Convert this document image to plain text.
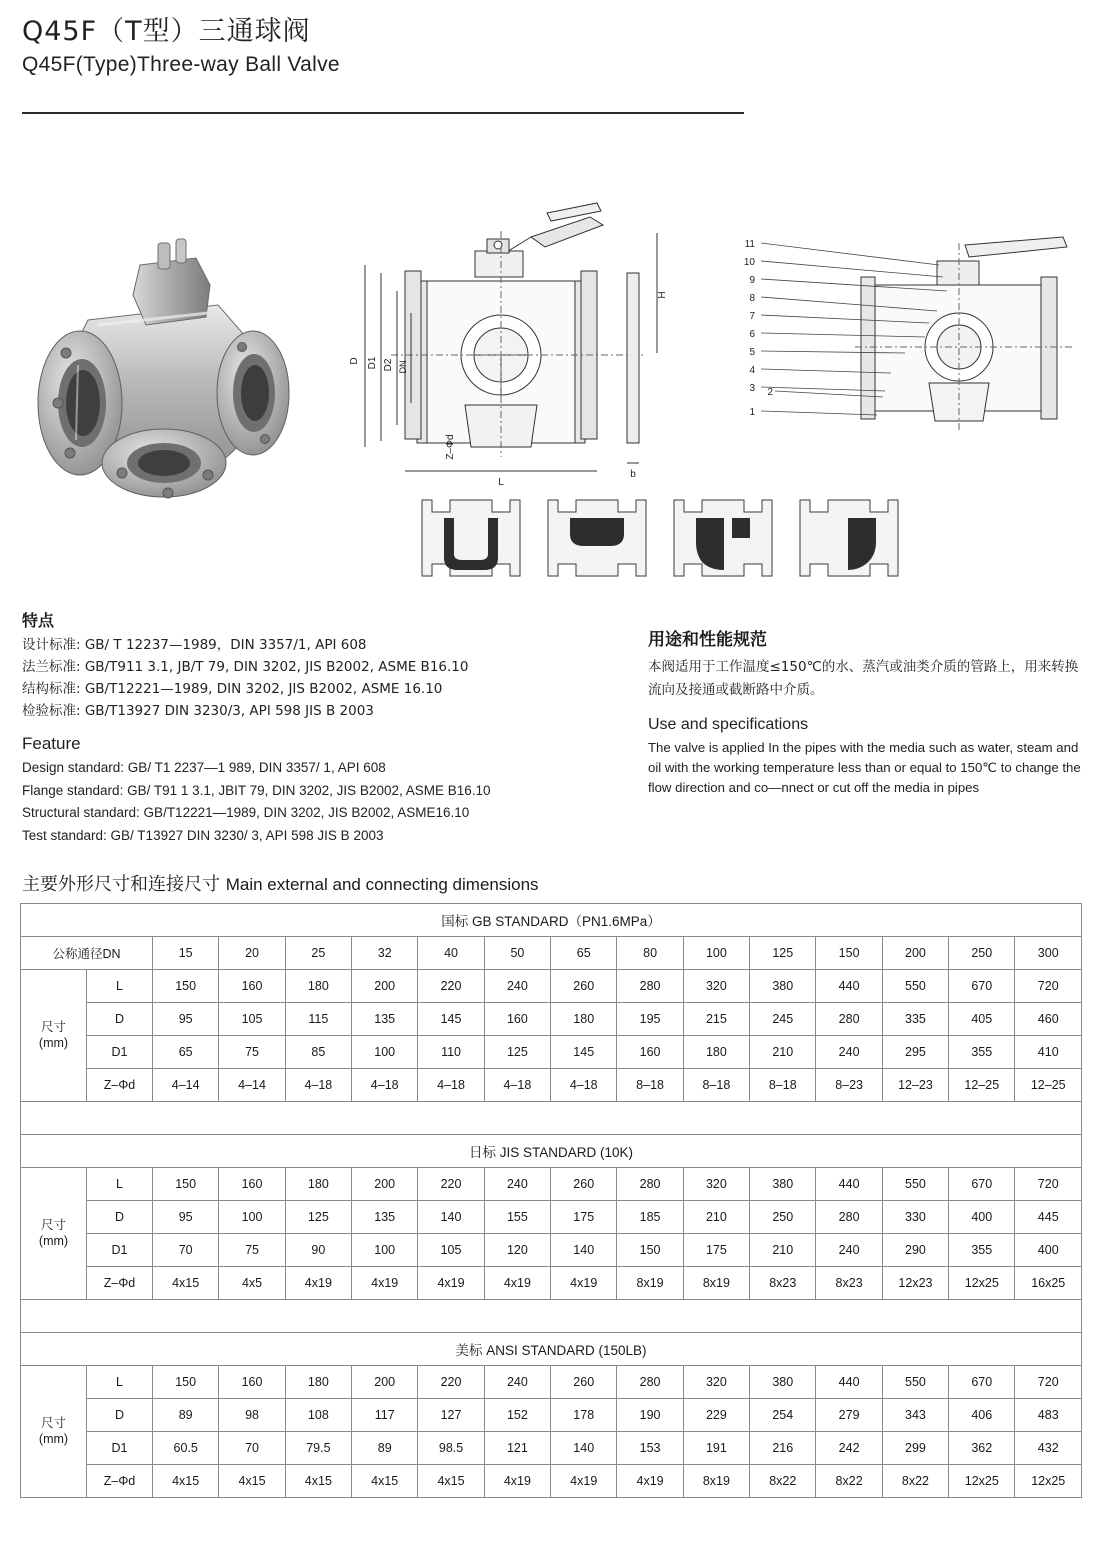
Q45F（T型）三通球阀
Q45F(Type)Three-way Ball Valve
D D1 D2 DN
H
L
b
Z–Φd
11
10
9
8
7
6
5
4
3 2
1
特点
设计标准: GB/ T 12237—1989，DIN 3357/1, API 608
法兰标准: GB/T911 3.1, JB/T 79, DIN 3202, JIS B2002, ASME B16.10
结构标准: GB/T12221—1989, DIN 3202, JIS B2002, ASME 16.10
检验标准: GB/T13927 DIN 3230/3, API 598 JIS B 2003
Feature
Design standard: GB/ T1 2237—1 989, DIN 3357/ 1, API 608
Flange standard: GB/ T91 1 3.1, JBIT 79, DIN 3202, JIS B2002, ASME B16.10
Structural standard: GB/T12221—1989, DIN 3202, JIS B2002, ASME16.10
Test standard: GB/ T13927 DIN 3230/ 3, API 598 JIS B 2003
用途和性能规范
本阀适用于工作温度≤150℃的水、蒸汽或油类介质的管路上，用来转换流向及接通或截断路中介质。
Use and specifications
The valve is applied In the pipes with the media such as water, steam and oil with the working temperature less than or equal to 150℃ to change the flow direction and co—nnect or cut off the media in pipes
主要外形尺寸和连接尺寸 Main external and connecting dimensions
国标 GB STANDARD（PN1.6MPa）															
公称通径DN		15	20	25	32	40	50	65	80	100	125	150	200	250	300
尺寸
(mm)	L	150	160	180	200	220	240	260	280	320	380	440	550	670	720
	D	95	105	115	135	145	160	180	195	215	245	280	335	405	460
	D1	65	75	85	100	110	125	145	160	180	210	240	295	355	410
	Z–Φd	4–14	4–14	4–18	4–18	4–18	4–18	4–18	8–18	8–18	8–18	8–23	12–23	12–25	12–25

日标 JIS STANDARD (10K)															
尺寸
(mm)	L	150	160	180	200	220	240	260	280	320	380	440	550	670	720
	D	95	100	125	135	140	155	175	185	210	250	280	330	400	445
	D1	70	75	90	100	105	120	140	150	175	210	240	290	355	400
	Z–Φd	4x15	4x5	4x19	4x19	4x19	4x19	4x19	8x19	8x19	8x23	8x23	12x23	12x25	16x25

美标 ANSI STANDARD (150LB)															
尺寸
(mm)	L	150	160	180	200	220	240	260	280	320	380	440	550	670	720
	D	89	98	108	117	127	152	178	190	229	254	279	343	406	483
	D1	60.5	70	79.5	89	98.5	121	140	153	191	216	242	299	362	432
	Z–Φd	4x15	4x15	4x15	4x15	4x15	4x19	4x19	4x19	8x19	8x22	8x22	8x22	12x25	12x25
